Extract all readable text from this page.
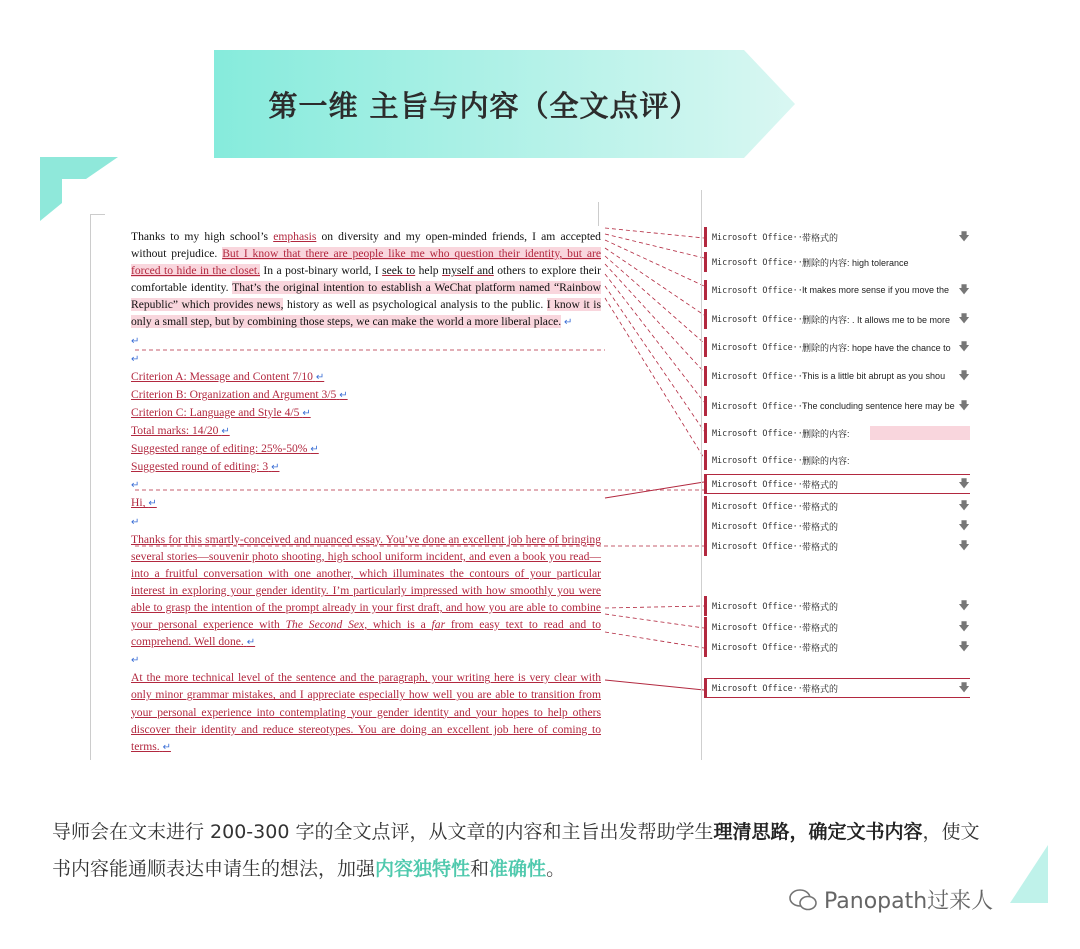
第一维 主旨与内容（全文点评）

Thanks to my high school’s emphasis on diversity and my open-minded friends, I am accepted without prejudice. But I know that there are people like me who question their identity, but are forced to hide in the closet. In a post-binary world, I seek to help myself and others to explore their comfortable identity. That’s the original intention to establish a WeChat platform named “Rainbow Republic” which provides news, history as well as psychological analysis to the public. I know it is only a small step, but by combining those steps, we can make the world a more liberal place. ↵

↵

↵

Criterion A: Message and Content 7/10 ↵

Criterion B: Organization and Argument 3/5 ↵

Criterion C: Language and Style 4/5 ↵

Total marks: 14/20 ↵

Suggested range of editing: 25%-50% ↵

Suggested round of editing: 3 ↵

↵

Hi, ↵

↵

Thanks for this smartly-conceived and nuanced essay. You’ve done an excellent job here of bringing several stories—souvenir photo shooting, high school uniform incident, and even a book you read—into a fruitful conversation with one another, which illuminates the contours of your particular interest in exploring your gender identity. I’m particularly impressed with how smoothly you were able to grasp the intention of the prompt already in your first draft, and how you are able to combine your personal experience with The Second Sex, which is a far from easy text to read and to comprehend. Well done. ↵

↵

At the more technical level of the sentence and the paragraph, your writing here is very clear with only minor grammar mistakes, and I appreciate especially how well you are able to transition from your personal experience into contemplating your gender identity and your hopes to help others discover their identity and reduce stereotypes. You are doing an excellent job here of coming to terms. ↵

Microsoft Office···
带格式的	🡇
Microsoft Office···
删除的内容: high tolerance
Microsoft Office···
It makes more sense if you move the 🡇
Microsoft Office···
删除的内容: . It allows me to be more 🡇
Microsoft Office···
删除的内容: hope have the chance to 🡇
Microsoft Office···
This is a little bit abrupt as you shou	🡇
Microsoft Office···
The concluding sentence here may be 🡇
Microsoft Office···
删除的内容:
Microsoft Office···
删除的内容:
Microsoft Office···
带格式的	🡇
Microsoft Office···
带格式的	🡇
Microsoft Office···
带格式的	🡇
Microsoft Office···
带格式的	🡇
Microsoft Office···
带格式的	🡇
Microsoft Office···
带格式的	🡇
Microsoft Office···
带格式的	🡇
Microsoft Office···
带格式的	🡇
导师会在文末进行 200-300 字的全文点评，从文章的内容和主旨出发帮助学生理清思路，确定文书内容，使文书内容能通顺表达申请生的想法，加强内容独特性和准确性。
Panopath过来人
